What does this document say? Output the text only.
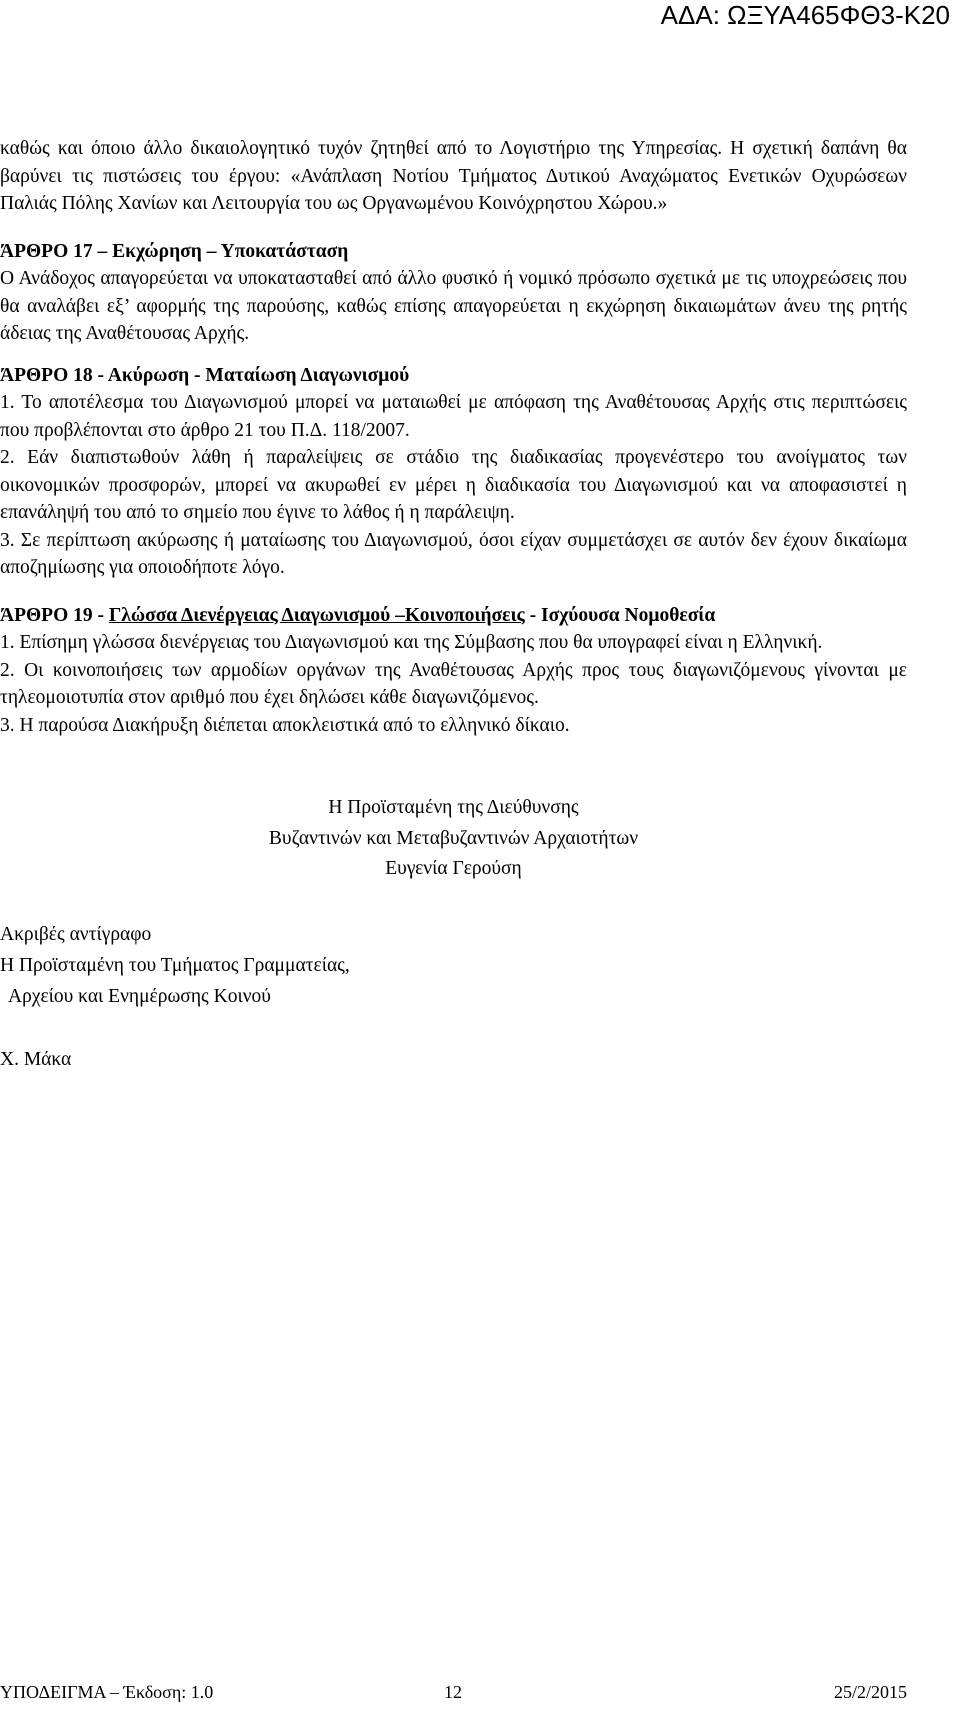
ΑΔΑ: ΩΞΥΑ465ΦΘ3-Κ20

καθώς και όποιο άλλο δικαιολογητικό τυχόν ζητηθεί από το Λογιστήριο της Υπηρεσίας. Η σχετική δαπάνη θα βαρύνει τις πιστώσεις του έργου: «Ανάπλαση Νοτίου Τμήματος Δυτικού Αναχώματος Ενετικών Οχυρώσεων Παλιάς Πόλης Χανίων και Λειτουργία του ως Οργανωμένου Κοινόχρηστου Χώρου.»

ΆΡΘΡΟ 17 – Εκχώρηση – Υποκατάσταση

Ο Ανάδοχος απαγορεύεται να υποκατασταθεί από άλλο φυσικό ή νομικό πρόσωπο σχετικά με τις υποχρεώσεις που θα αναλάβει εξ’ αφορμής της παρούσης, καθώς επίσης απαγορεύεται η εκχώρηση δικαιωμάτων άνευ της ρητής άδειας της Αναθέτουσας Αρχής.

ΆΡΘΡΟ 18 - Ακύρωση - Ματαίωση Διαγωνισμού

1. Το αποτέλεσμα του Διαγωνισμού μπορεί να ματαιωθεί με απόφαση της Αναθέτουσας Αρχής στις περιπτώσεις που προβλέπονται στο άρθρο 21 του Π.Δ. 118/2007.

2. Εάν διαπιστωθούν λάθη ή παραλείψεις σε στάδιο της διαδικασίας προγενέστερο του ανοίγματος των οικονομικών προσφορών, μπορεί να ακυρωθεί εν μέρει η διαδικασία του Διαγωνισμού και να αποφασιστεί η επανάληψή του από το σημείο που έγινε το λάθος ή η παράλειψη.

3. Σε περίπτωση ακύρωσης ή ματαίωσης του Διαγωνισμού, όσοι είχαν συμμετάσχει σε αυτόν δεν έχουν δικαίωμα αποζημίωσης για οποιοδήποτε λόγο.

ΆΡΘΡΟ 19 - Γλώσσα Διενέργειας Διαγωνισμού –Κοινοποιήσεις - Ισχύουσα Νομοθεσία

1. Επίσημη γλώσσα διενέργειας του Διαγωνισμού και της Σύμβασης που θα υπογραφεί είναι η Ελληνική.

2. Οι κοινοποιήσεις των αρμοδίων οργάνων της Αναθέτουσας Αρχής προς τους διαγωνιζόμενους γίνονται με τηλεομοιοτυπία στον αριθμό που έχει δηλώσει κάθε διαγωνιζόμενος.

3. Η παρούσα Διακήρυξη διέπεται αποκλειστικά από το ελληνικό δίκαιο.

Η Προϊσταμένη της Διεύθυνσης
Βυζαντινών και Μεταβυζαντινών Αρχαιοτήτων
Ευγενία Γερούση
Ακριβές αντίγραφο
Η Προϊσταμένη του Τμήματος Γραμματείας,
Αρχείου και Ενημέρωσης Κοινού
Χ. Μάκα
ΥΠΟΔΕΙΓΜΑ – Έκδοση: 1.0	12	25/2/2015
